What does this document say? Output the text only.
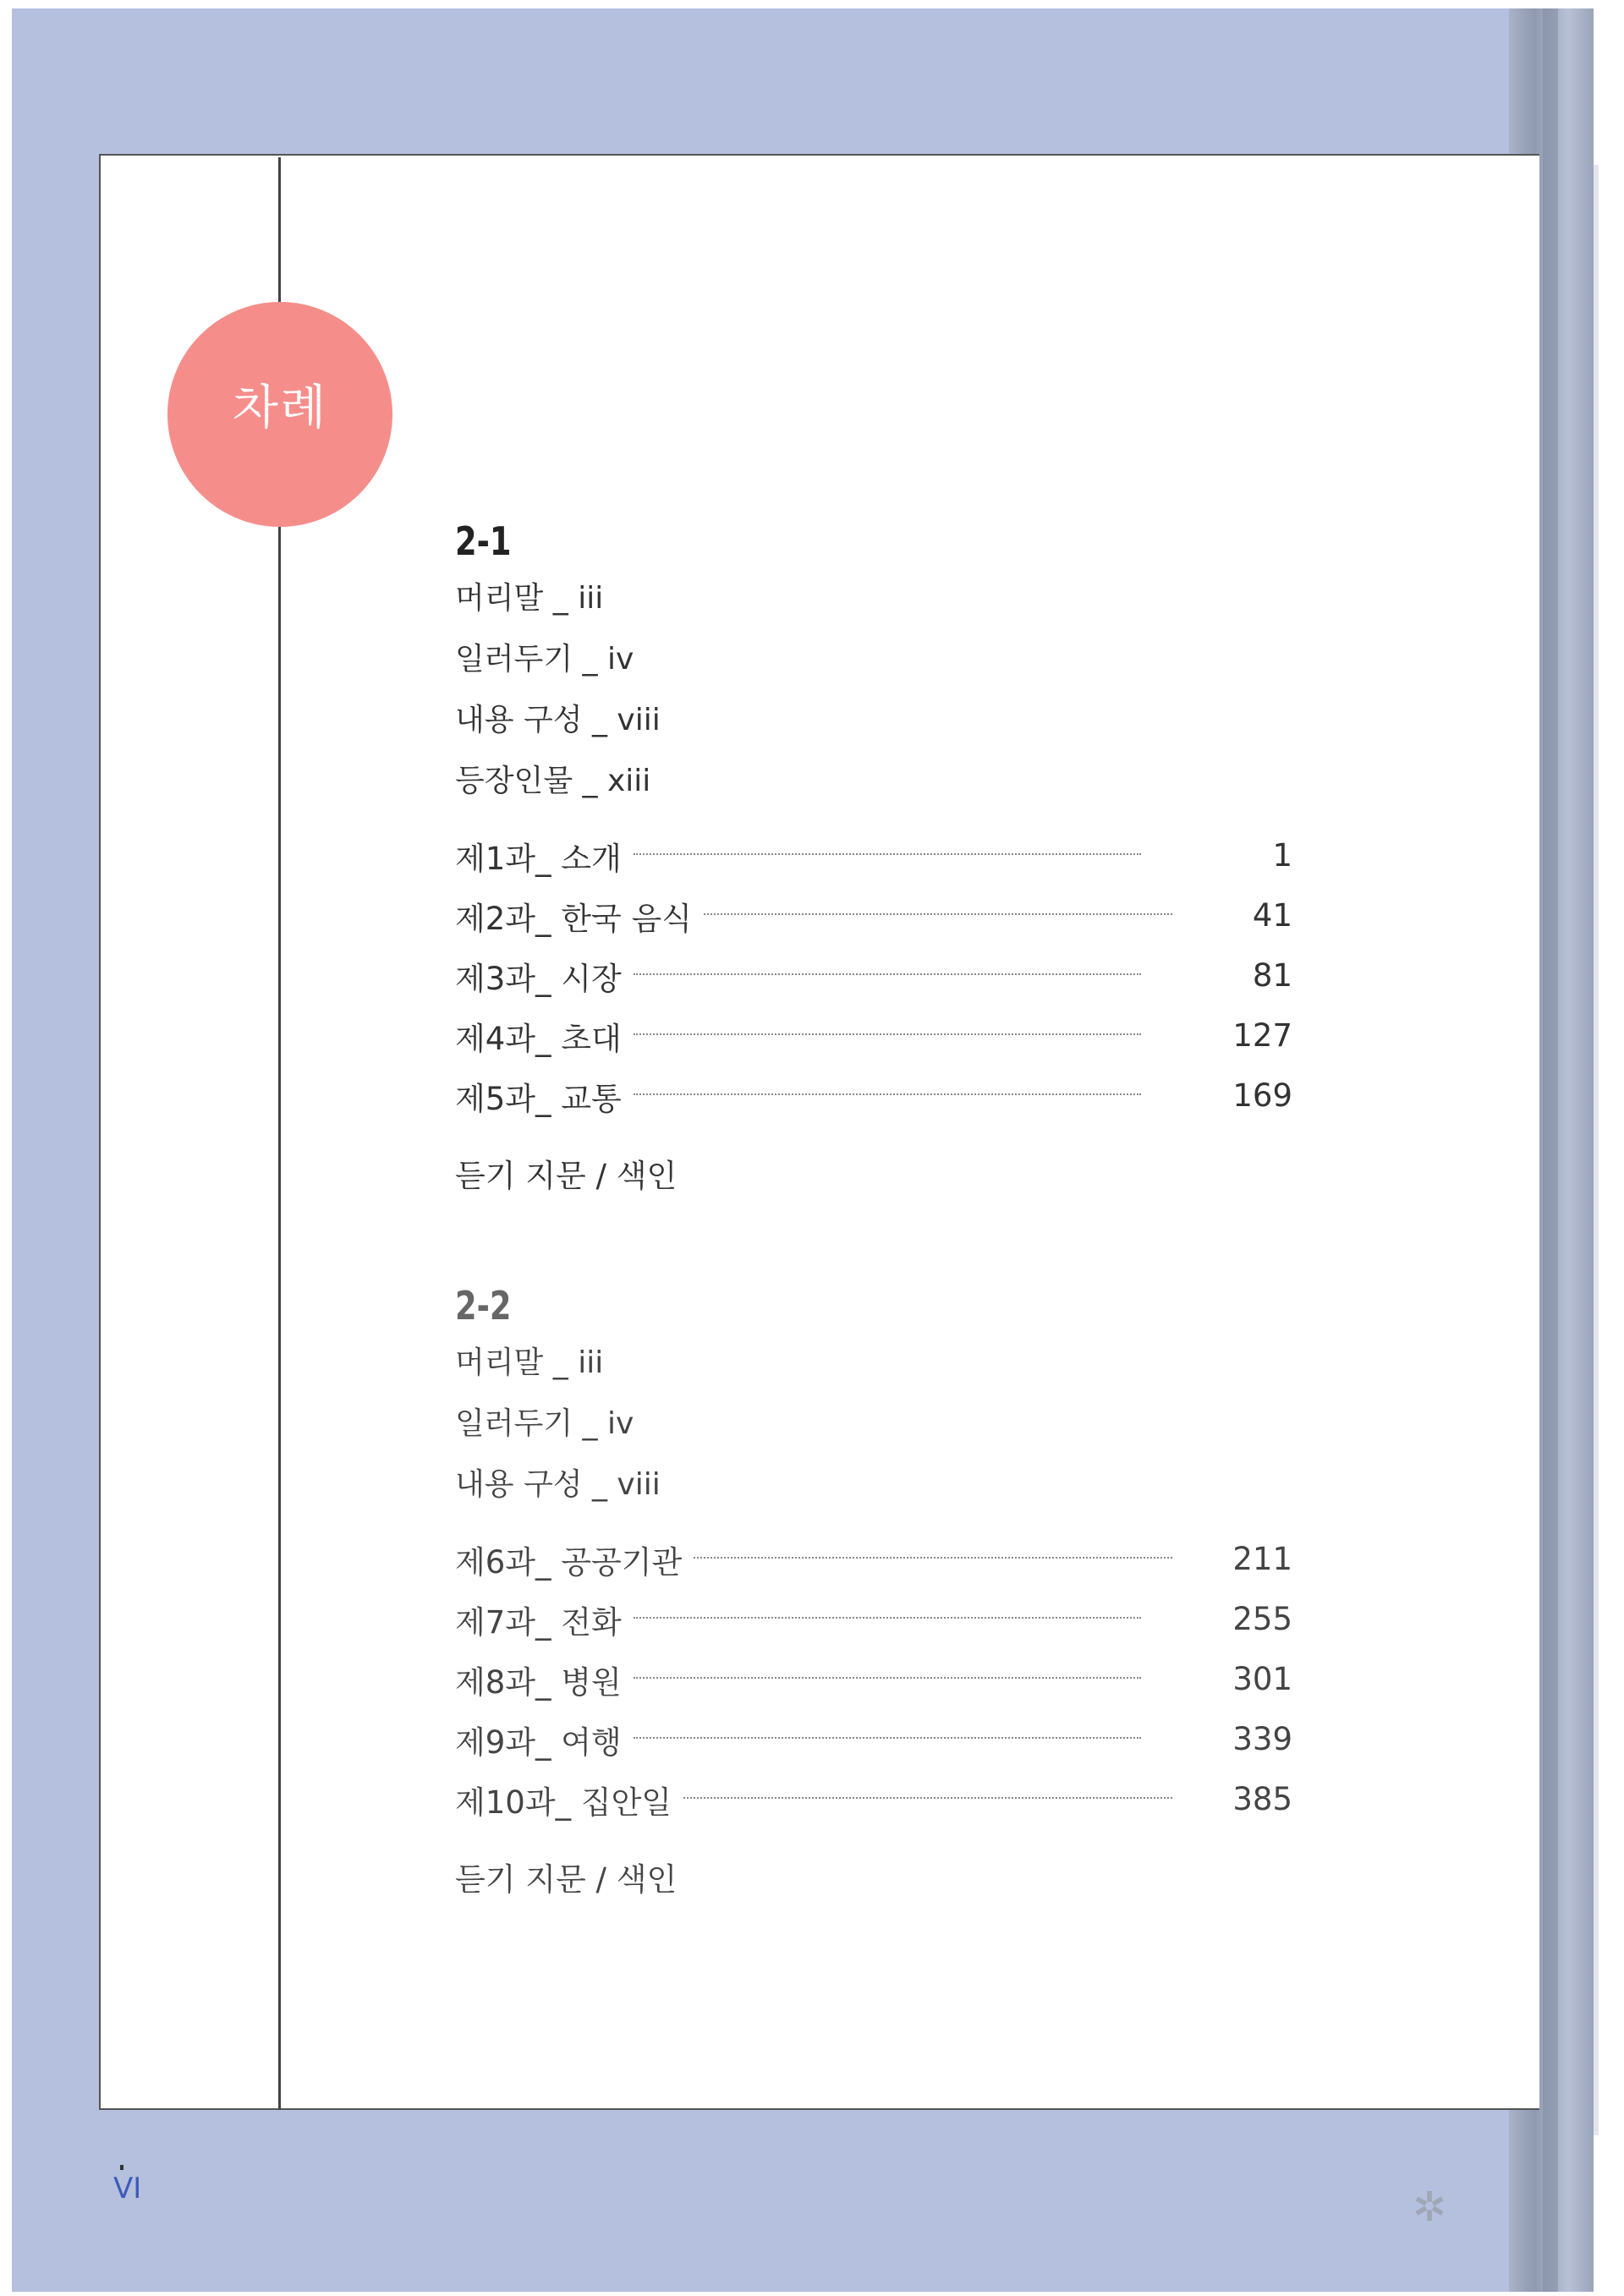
차례
2-1
머리말 _ iii
일러두기 _ iv
내용 구성 _ viii
등장인물 _ xiii
제1과_ 소개	1
제2과_ 한국 음식	41
제3과_ 시장	81
제4과_ 초대	127
제5과_ 교통	169
듣기 지문 / 색인
2-2
머리말 _ iii
일러두기 _ iv
내용 구성 _ viii
제6과_ 공공기관	211
제7과_ 전화	255
제8과_ 병원	301
제9과_ 여행	339
제10과_ 집안일	385
듣기 지문 / 색인
VI	✲
